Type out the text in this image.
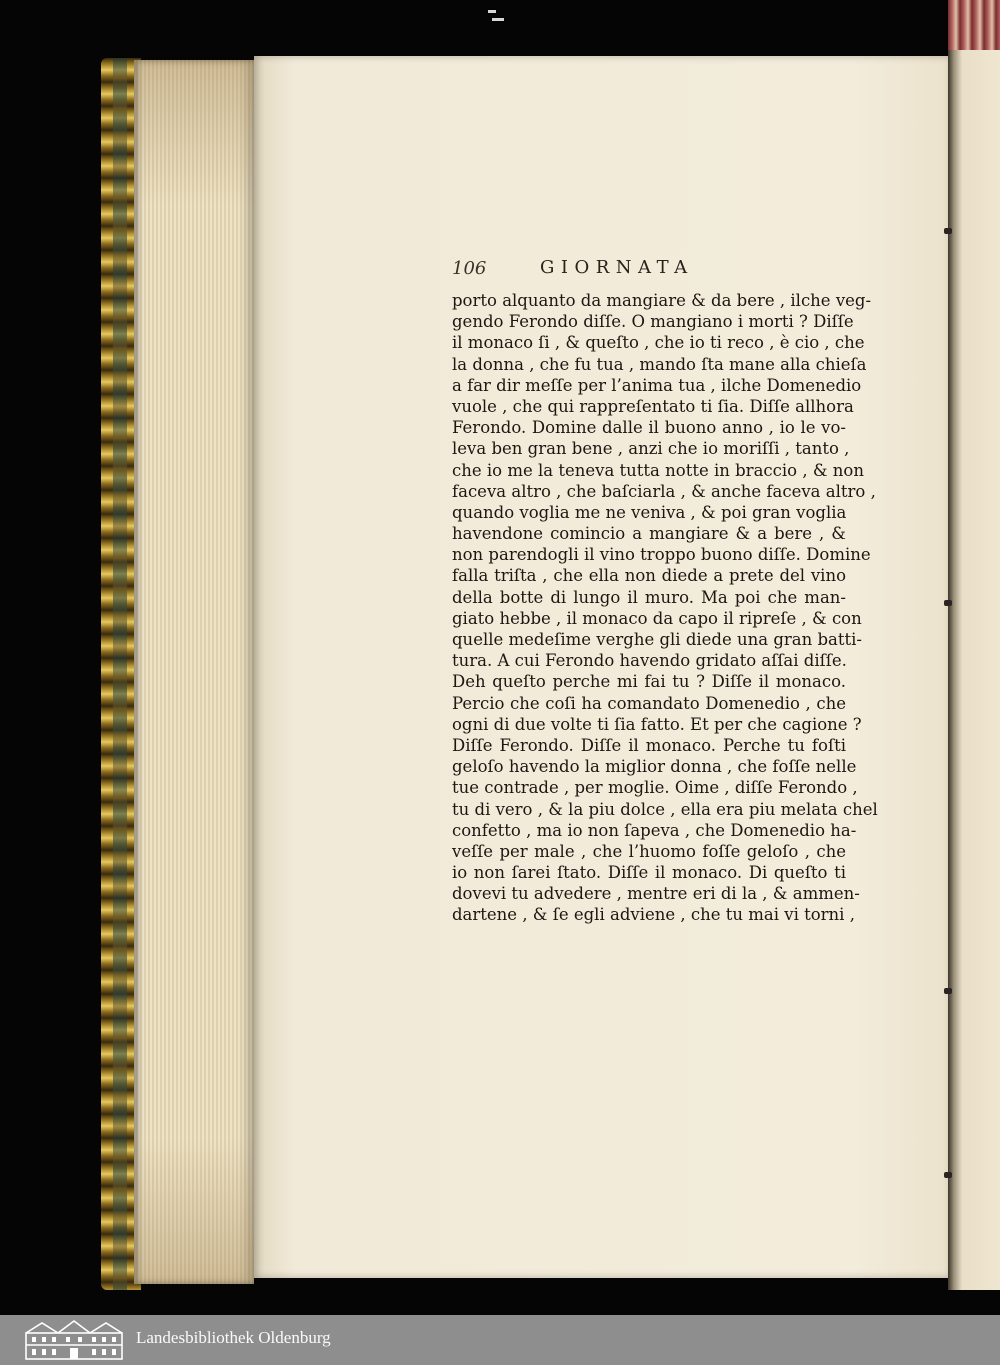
106	GIORNATA
porto alquanto da mangiare & da bere , ilche veg-
gendo Ferondo diſſe. O mangiano i morti ? Diſſe
il monaco ſi , & queſto , che io ti reco , è cio , che
la donna , che fu tua , mando ſta mane alla chieſa
a far dir meſſe per l’anima tua , ilche Domenedio
vuole , che qui rappreſentato ti ſia. Diſſe allhora
Ferondo. Domine dalle il buono anno , io le vo-
leva ben gran bene , anzi che io moriſſi , tanto ,
che io me la teneva tutta notte in braccio , & non
faceva altro , che baſciarla , & anche faceva altro ,
quando voglia me ne veniva , & poi gran voglia
havendone comincio a mangiare & a bere , &
non parendogli il vino troppo buono diſſe. Domine
falla triſta , che ella non diede a prete del vino
della botte di lungo il muro. Ma poi che man-
giato hebbe , il monaco da capo il ripreſe , & con
quelle medeſime verghe gli diede una gran batti-
tura. A cui Ferondo havendo gridato aſſai diſſe.
Deh queſto perche mi fai tu ? Diſſe il monaco.
Percio che coſi ha comandato Domenedio , che
ogni di due volte ti ſia fatto. Et per che cagione ?
Diſſe Ferondo. Diſſe il monaco. Perche tu foſti
geloſo havendo la miglior donna , che foſſe nelle
tue contrade , per moglie. Oime , diſſe Ferondo ,
tu di vero , & la piu dolce , ella era piu melata chel
confetto , ma io non ſapeva , che Domenedio ha-
veſſe per male , che l’huomo foſſe geloſo , che
io non ſarei ſtato. Diſſe il monaco. Di queſto ti
dovevi tu advedere , mentre eri di la , & ammen-
dartene , & ſe egli adviene , che tu mai vi torni ,
Landesbibliothek Oldenburg
